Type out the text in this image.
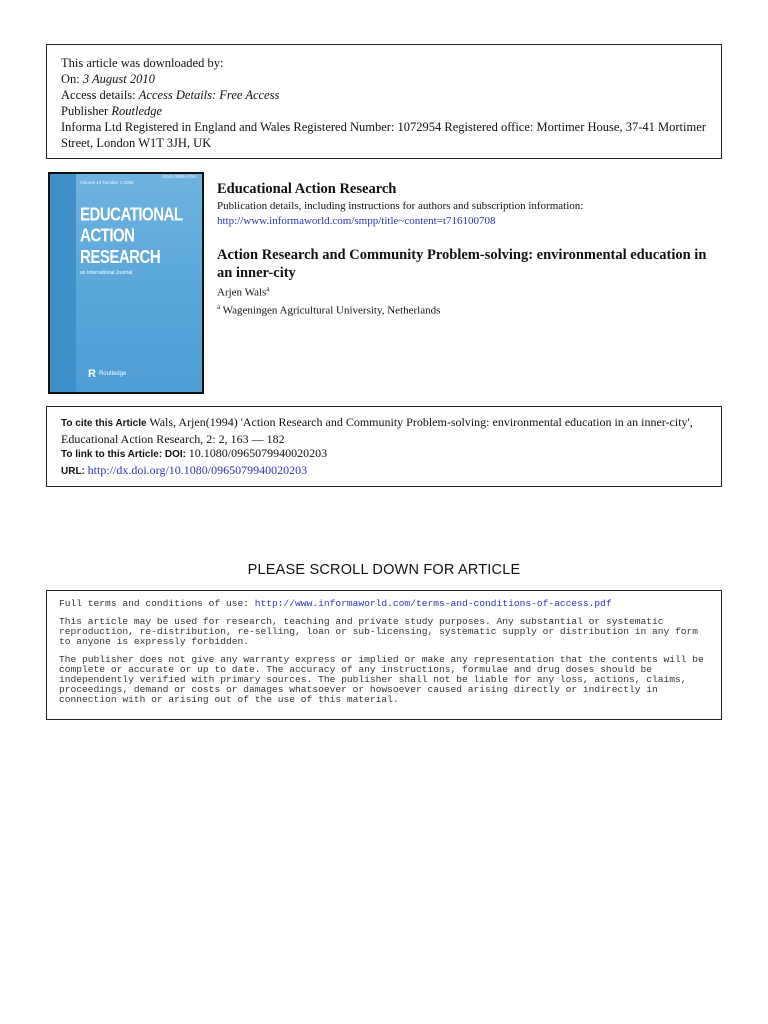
This article was downloaded by:
On: 3 August 2010
Access details: Access Details: Free Access
Publisher Routledge
Informa Ltd Registered in England and Wales Registered Number: 1072954 Registered office: Mortimer House, 37-41 Mortimer Street, London W1T 3JH, UK
Volume 14 Number 1 2006
ISSN 0965-0792
EDUCATIONAL
ACTION
RESEARCH
an International Journal
R Routledge
Educational Action Research
Publication details, including instructions for authors and subscription information:
http://www.informaworld.com/smpp/title~content=t716100708
Action Research and Community Problem-solving: environmental education in an inner-city
Arjen Wals$^a$
$^a$ Wageningen Agricultural University, Netherlands
To cite this Article Wals, Arjen(1994) 'Action Research and Community Problem-solving: environmental education in an inner-city', Educational Action Research, 2: 2, 163 — 182
To link to this Article: DOI: 10.1080/0965079940020203
URL: http://dx.doi.org/10.1080/0965079940020203
PLEASE SCROLL DOWN FOR ARTICLE

Full terms and conditions of use: http://www.informaworld.com/terms-and-conditions-of-access.pdf

This article may be used for research, teaching and private study purposes. Any substantial or systematic reproduction, re-distribution, re-selling, loan or sub-licensing, systematic supply or distribution in any form to anyone is expressly forbidden.

The publisher does not give any warranty express or implied or make any representation that the contents will be complete or accurate or up to date. The accuracy of any instructions, formulae and drug doses should be independently verified with primary sources. The publisher shall not be liable for any loss, actions, claims, proceedings, demand or costs or damages whatsoever or howsoever caused arising directly or indirectly in connection with or arising out of the use of this material.
